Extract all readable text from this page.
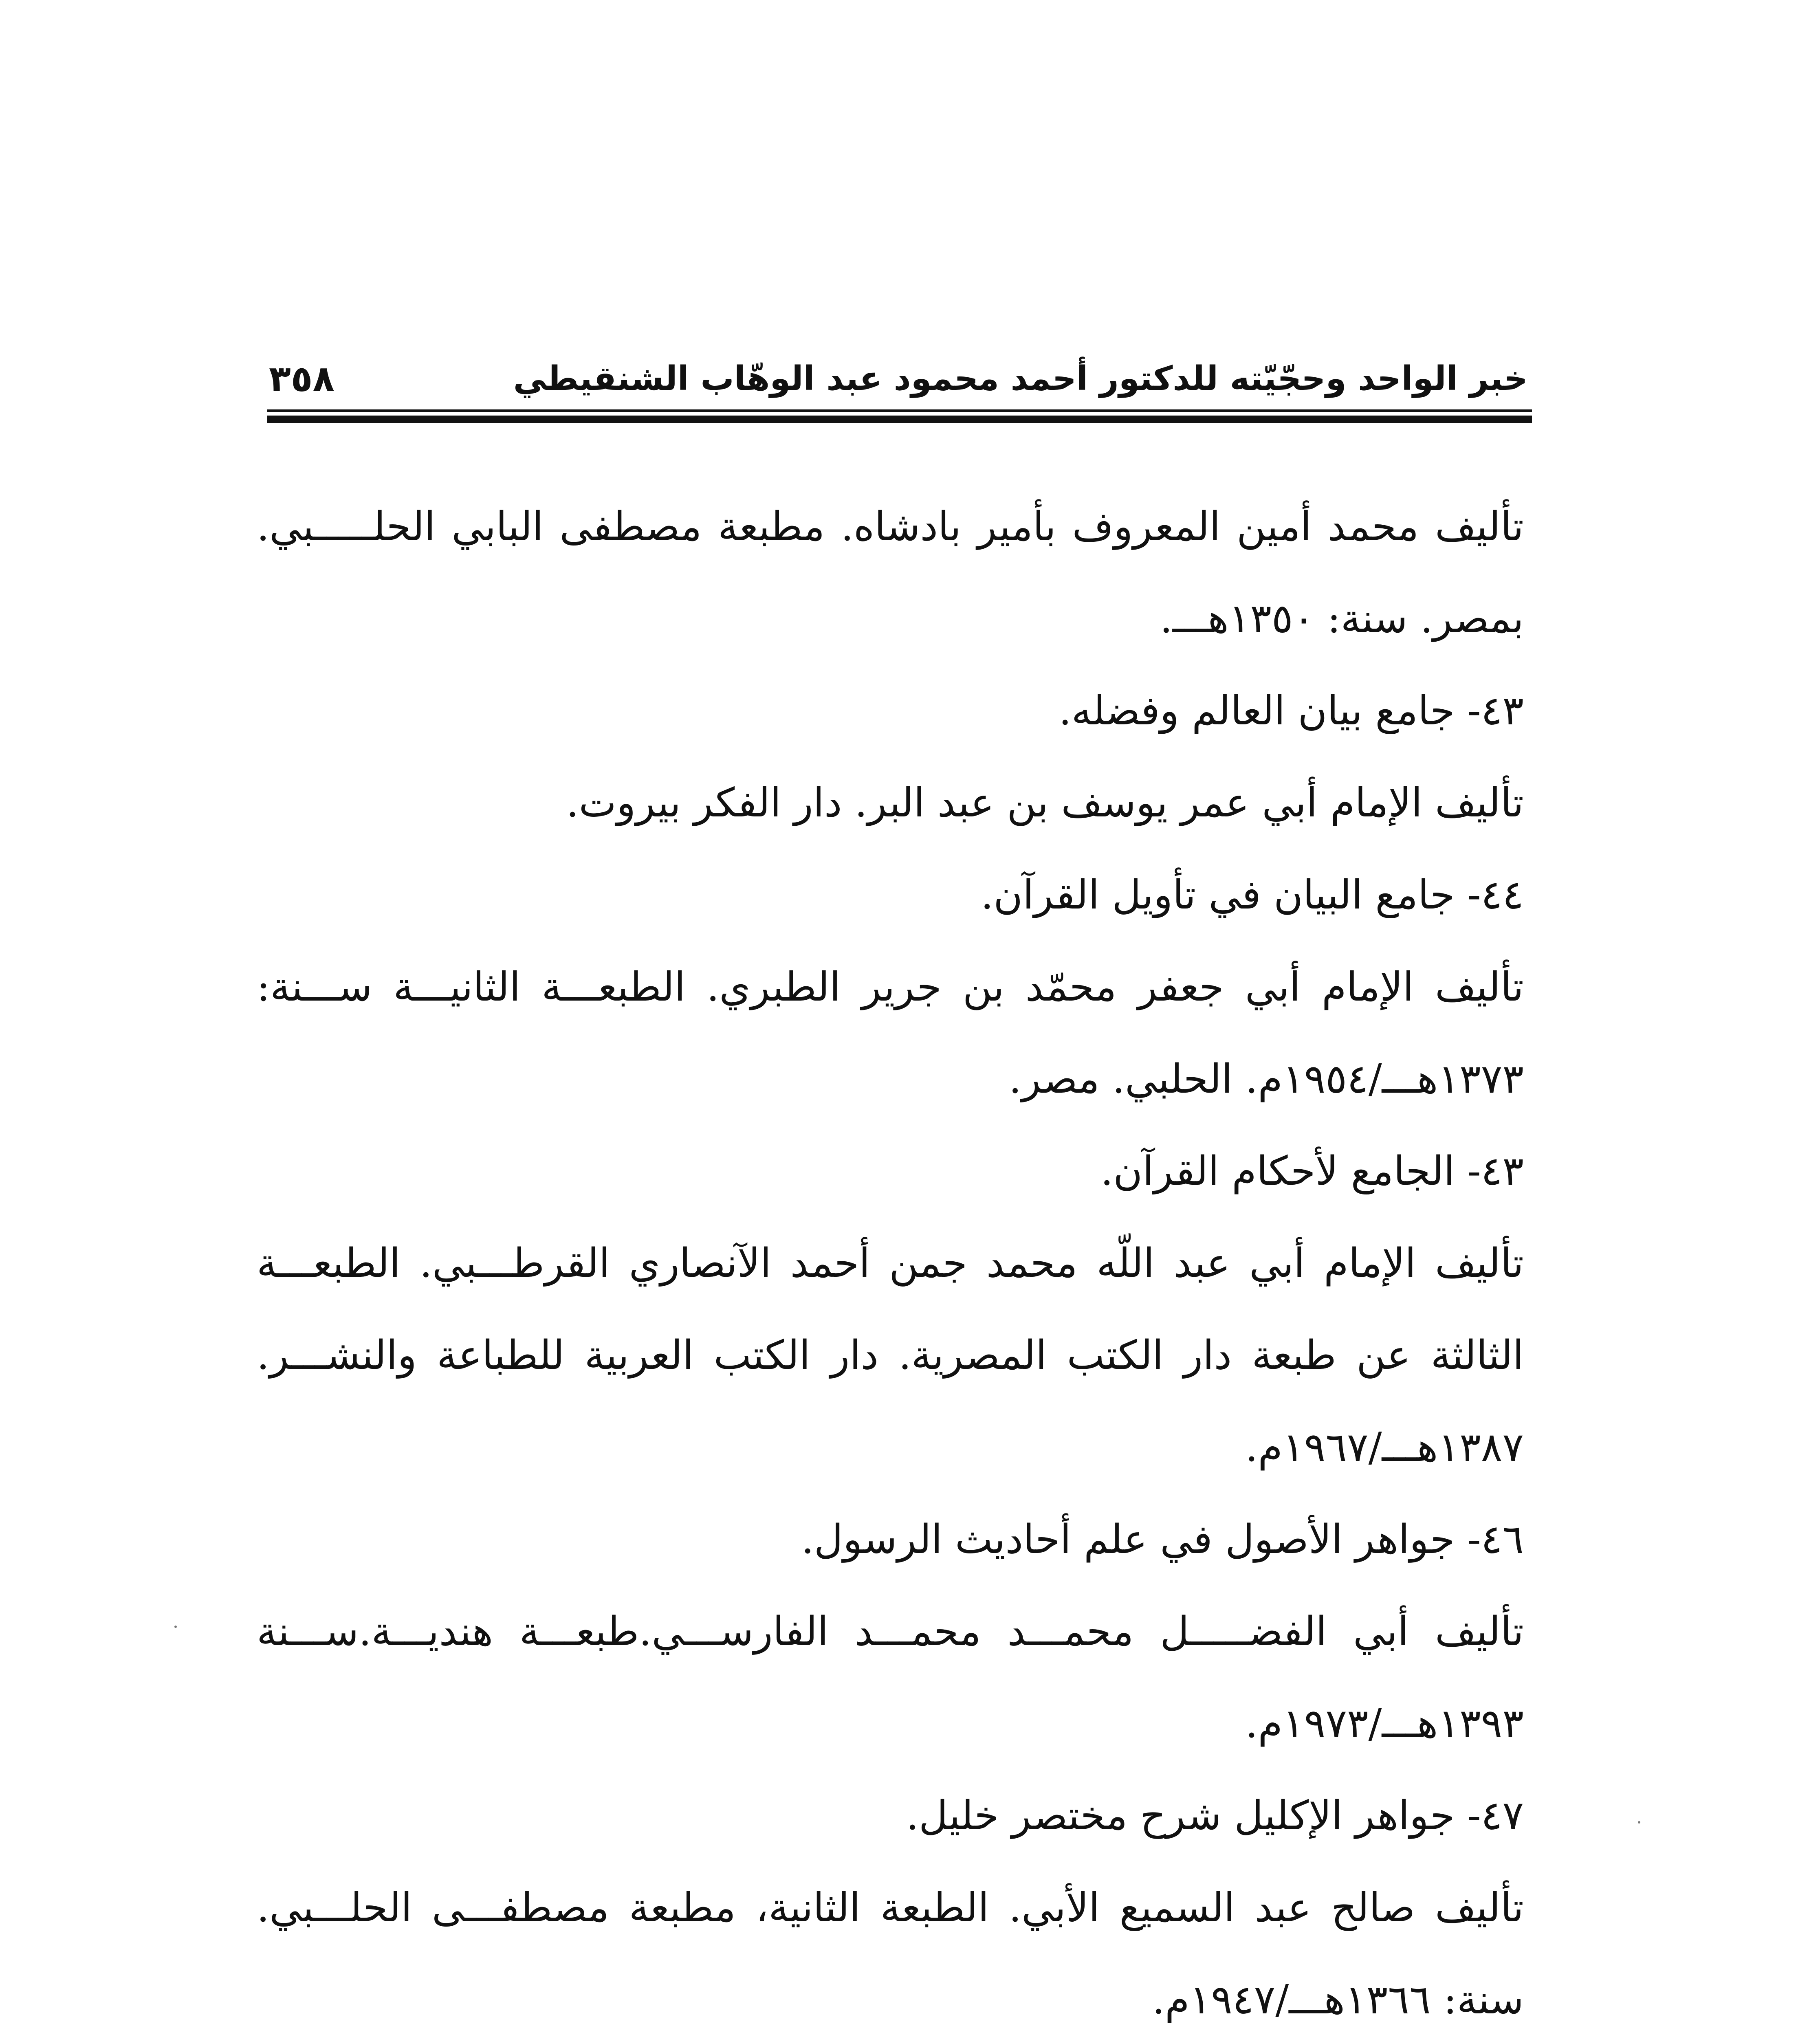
خبر الواحد وحجّيّته للدكتور أحمد محمود عبد الوهّاب الشنقيطي
٣٥٨
تأليف محمد أمين المعروف بأمير بادشاه. مطبعة مصطفى البابي الحلـــــبي.
بمصر. سنة: ١٣٥٠هـــ.
٤٣- جامع بيان العالم وفضله.
تأليف الإمام أبي عمر يوسف بن عبد البر. دار الفكر بيروت.
٤٤- جامع البيان في تأويل القرآن.
تأليف الإمام أبي جعفر محمّد بن جرير الطبري. الطبعـــة الثانيـــة ســـنة:
١٣٧٣هـــ/١٩٥٤م. الحلبي. مصر.
٤٣- الجامع لأحكام القرآن.
تأليف الإمام أبي عبد اللّه محمد جمن أحمد الآنصاري القرطـــبي. الطبعـــة
الثالثة عن طبعة دار الكتب المصرية. دار الكتب العربية للطباعة والنشـــر.
١٣٨٧هـــ/١٩٦٧م.
٤٦- جواهر الأصول في علم أحاديث الرسول.
تأليف أبي الفضـــــل محمـــد محمـــد الفارســـي.طبعـــة هنديـــة.ســـنة
١٣٩٣هـــ/١٩٧٣م.
٤٧- جواهر الإكليل شرح مختصر خليل.
تأليف صالح عبد السميع الأبي. الطبعة الثانية، مطبعة مصطفـــى الحلـــبي.
سنة: ١٣٦٦هـــ/١٩٤٧م.
